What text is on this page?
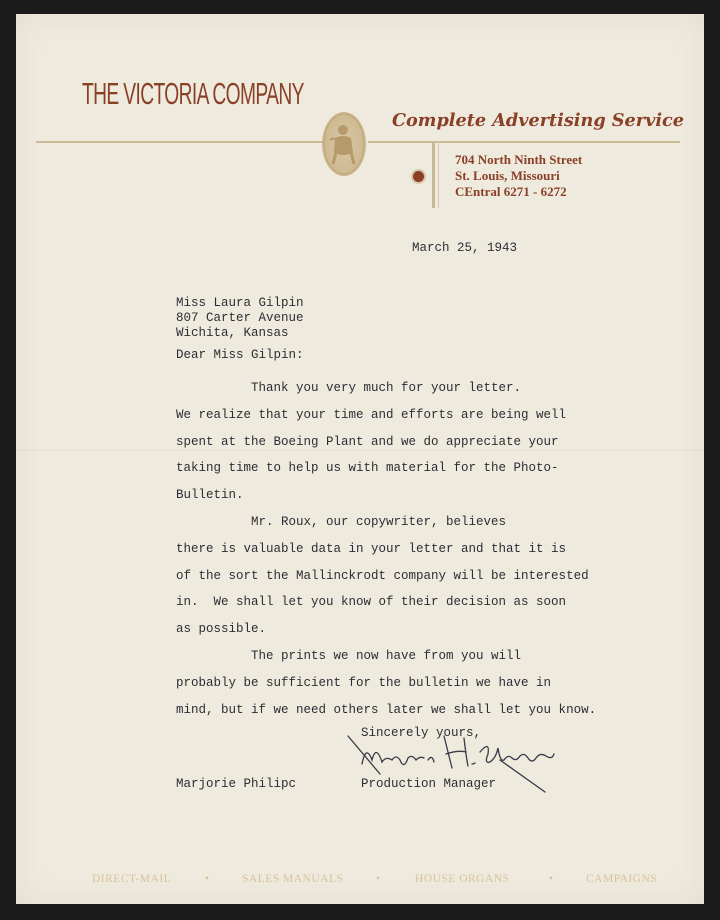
THE VICTORIA COMPANY
Complete Advertising Service
704 North Ninth Street
St. Louis, Missouri
CEntral 6271 - 6272
March 25, 1943
Miss Laura Gilpin
807 Carter Avenue
Wichita, Kansas
Dear Miss Gilpin:
Thank you very much for your letter.
We realize that your time and efforts are being well
spent at the Boeing Plant and we do appreciate your
taking time to help us with material for the Photo-
Bulletin.
Mr. Roux, our copywriter, believes
there is valuable data in your letter and that it is
of the sort the Mallinckrodt company will be interested
in.  We shall let you know of their decision as soon
as possible.
The prints we now have from you will
probably be sufficient for the bulletin we have in
mind, but if we need others later we shall let you know.
Sincerely yours,
Marjorie Philipc	Production Manager
DIRECT-MAIL	•	SALES MANUALS	•	HOUSE ORGANS	•	CAMPAIGNS
